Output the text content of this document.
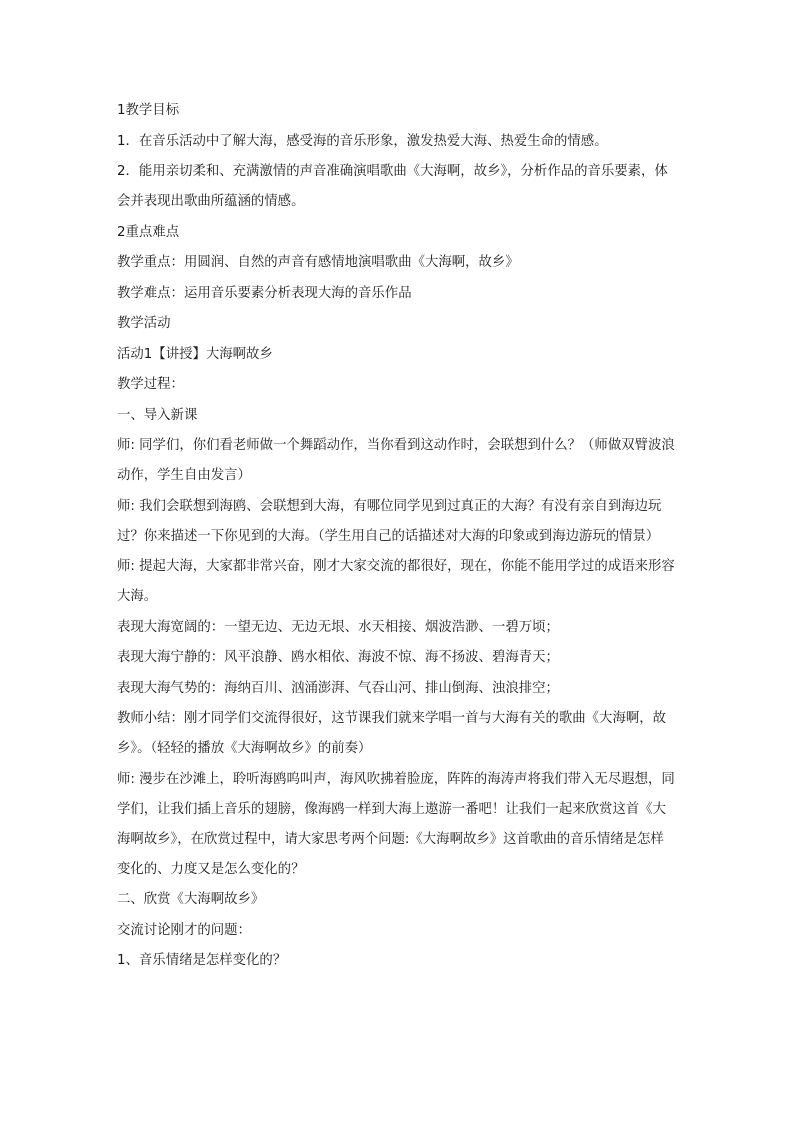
1教学目标

1．在音乐活动中了解大海，感受海的音乐形象，激发热爱大海、热爱生命的情感。

2．能用亲切柔和、充满激情的声音准确演唱歌曲《大海啊，故乡》，分析作品的音乐要素，体会并表现出歌曲所蕴涵的情感。

2重点难点

教学重点：用圆润、自然的声音有感情地演唱歌曲《大海啊，故乡》

教学难点：运用音乐要素分析表现大海的音乐作品

教学活动

活动1【讲授】大海啊故乡

教学过程：

一、导入新课

师: 同学们，你们看老师做一个舞蹈动作，当你看到这动作时，会联想到什么？（师做双臂波浪动作，学生自由发言）

师: 我们会联想到海鸥、会联想到大海，有哪位同学见到过真正的大海？有没有亲自到海边玩过？你来描述一下你见到的大海。（学生用自己的话描述对大海的印象或到海边游玩的情景）

师: 提起大海，大家都非常兴奋，刚才大家交流的都很好，现在，你能不能用学过的成语来形容大海。

表现大海宽阔的：一望无边、无边无垠、水天相接、烟波浩渺、一碧万顷；

表现大海宁静的：风平浪静、鸥水相依、海波不惊、海不扬波、碧海青天；

表现大海气势的：海纳百川、汹涌澎湃、气吞山河、排山倒海、浊浪排空；

教师小结：刚才同学们交流得很好，这节课我们就来学唱一首与大海有关的歌曲《大海啊，故乡》。（轻轻的播放《大海啊故乡》的前奏）

师: 漫步在沙滩上，聆听海鸥呜叫声，海风吹拂着脸庞，阵阵的海涛声将我们带入无尽遐想，同学们，让我们插上音乐的翅膀，像海鸥一样到大海上遨游一番吧！让我们一起来欣赏这首《大海啊故乡》，在欣赏过程中，请大家思考两个问题:《大海啊故乡》这首歌曲的音乐情绪是怎样变化的、力度又是怎么变化的？

二、欣赏《大海啊故乡》

交流讨论刚才的问题：

1、音乐情绪是怎样变化的？
